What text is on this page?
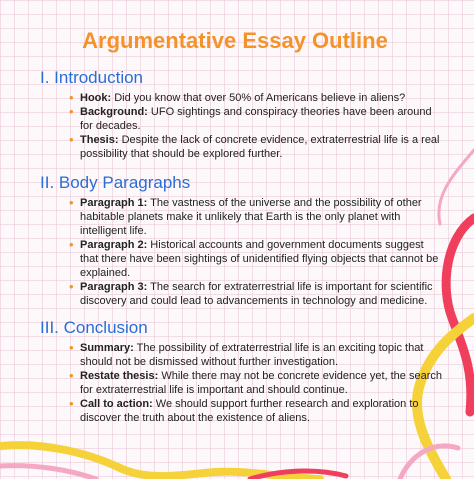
Argumentative Essay Outline
I. Introduction
• Hook: Did you know that over 50% of Americans believe in aliens?
• Background: UFO sightings and conspiracy theories have been around for decades.
• Thesis: Despite the lack of concrete evidence, extraterrestrial life is a real possibility that should be explored further.
II. Body Paragraphs
• Paragraph 1: The vastness of the universe and the possibility of other habitable planets make it unlikely that Earth is the only planet with intelligent life.
• Paragraph 2: Historical accounts and government documents suggest that there have been sightings of unidentified flying objects that cannot be explained.
• Paragraph 3: The search for extraterrestrial life is important for scientific discovery and could lead to advancements in technology and medicine.
III. Conclusion
• Summary: The possibility of extraterrestrial life is an exciting topic that should not be dismissed without further investigation.
• Restate thesis: While there may not be concrete evidence yet, the search for extraterrestrial life is important and should continue.
• Call to action: We should support further research and exploration to discover the truth about the existence of aliens.
